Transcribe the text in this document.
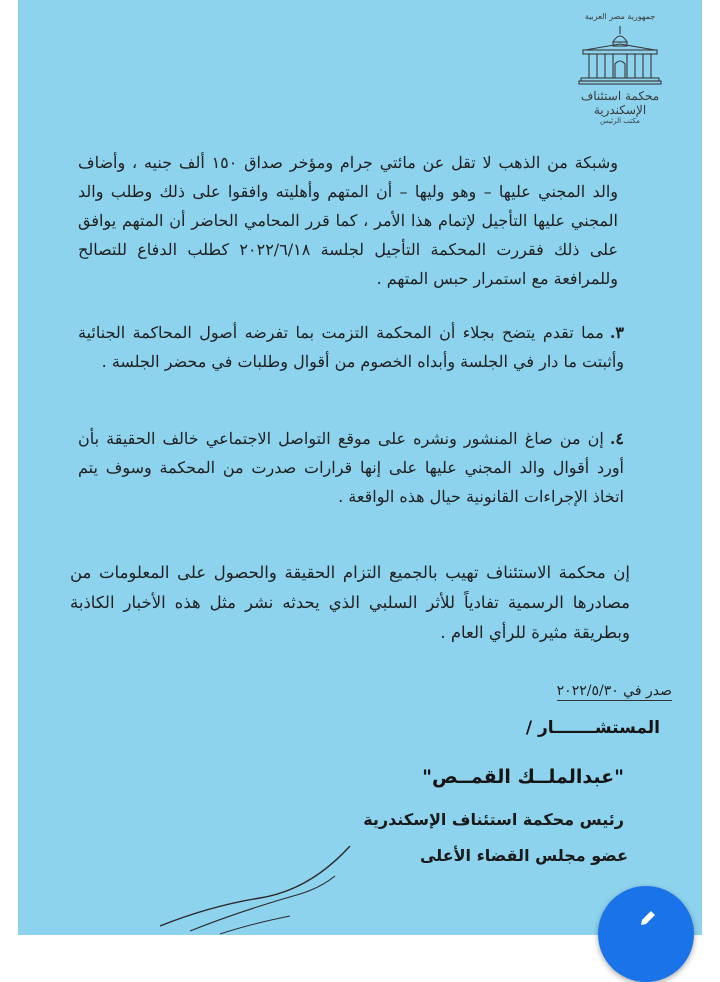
جمهورية مصر العربية
محكمة استئناف الإسكندرية
مكتب الرئيس
وشبكة من الذهب لا تقل عن مائتي جرام ومؤخر صداق ١٥٠ ألف جنيه ، وأضاف والد المجني عليها – وهو وليها – أن المتهم وأهليته وافقوا على ذلك وطلب والد المجني عليها التأجيل لإتمام هذا الأمر ، كما قرر المحامي الحاضر أن المتهم يوافق على ذلك فقررت المحكمة التأجيل لجلسة ٢٠٢٢/٦/١٨ كطلب الدفاع للتصالح وللمرافعة مع استمرار حبس المتهم .
٣.مما تقدم يتضح بجلاء أن المحكمة التزمت بما تفرضه أصول المحاكمة الجنائية وأثبتت ما دار في الجلسة وأبداه الخصوم من أقوال وطلبات في محضر الجلسة .
٤.إن من صاغ المنشور ونشره على موقع التواصل الاجتماعي خالف الحقيقة بأن أورد أقوال والد المجني عليها على إنها قرارات صدرت من المحكمة وسوف يتم اتخاذ الإجراءات القانونية حيال هذه الواقعة .
إن محكمة الاستئناف تهيب بالجميع التزام الحقيقة والحصول على المعلومات من مصادرها الرسمية تفادياً للأثر السلبي الذي يحدثه نشر مثل هذه الأخبار الكاذبة وبطريقة مثيرة للرأي العام .
صدر في ٢٠٢٢/٥/٣٠
المستشـــــــار /
"عبدالملــك القمــص"
رئيس محكمة استئناف الإسكندرية
عضو مجلس القضاء الأعلى
